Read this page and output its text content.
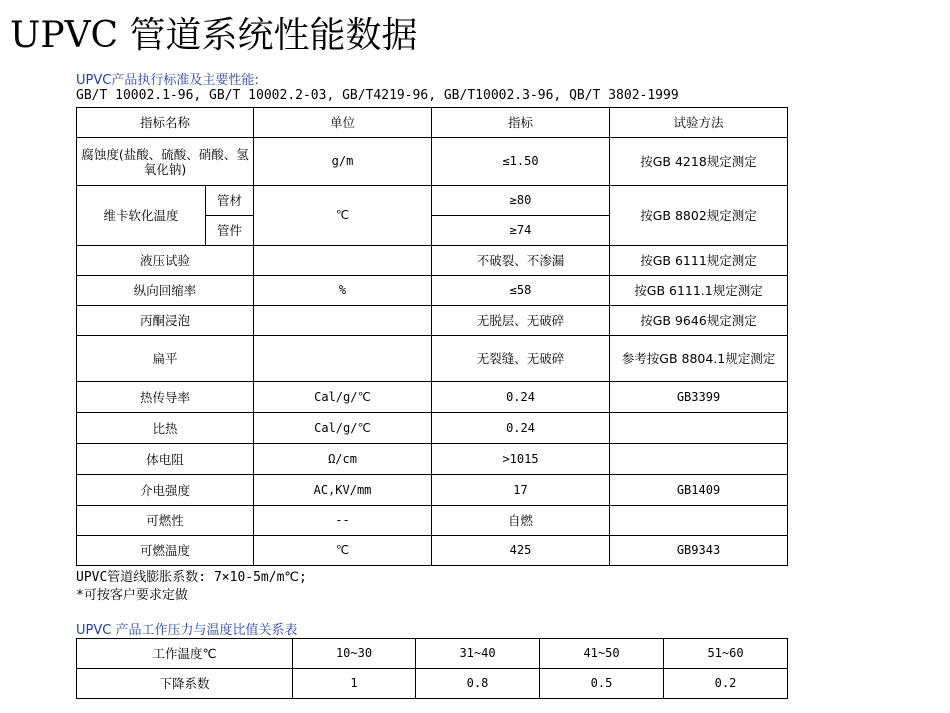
UPVC 管道系统性能数据
UPVC产品执行标准及主要性能:
GB/T 10002.1-96, GB/T 10002.2-03, GB/T4219-96, GB/T10002.3-96, QB/T 3802-1999
指标名称		单位	指标	试验方法
腐蚀度(盐酸、硫酸、硝酸、氢氧化钠)		g/m	≤1.50	按GB 4218规定测定
维卡软化温度	管材	℃	≥80	按GB 8802规定测定
	管件		≥74	
液压试验			不破裂、不渗漏	按GB 6111规定测定
纵向回缩率		%	≤58	按GB 6111.1规定测定
丙酮浸泡			无脱层、无破碎	按GB 9646规定测定
扁平			无裂缝、无破碎	参考按GB 8804.1规定测定
热传导率		Cal/g/℃	0.24	GB3399
比热		Cal/g/℃	0.24	
体电阻		Ω/cm	>1015	
介电强度		AC,KV/mm	17	GB1409
可燃性		--	自燃	
可燃温度		℃	425	GB9343
UPVC管道线膨胀系数: 7×10-5m/m℃;
*可按客户要求定做
UPVC 产品工作压力与温度比值关系表
工作温度℃	10~30	31~40	41~50	51~60
下降系数	1	0.8	0.5	0.2
